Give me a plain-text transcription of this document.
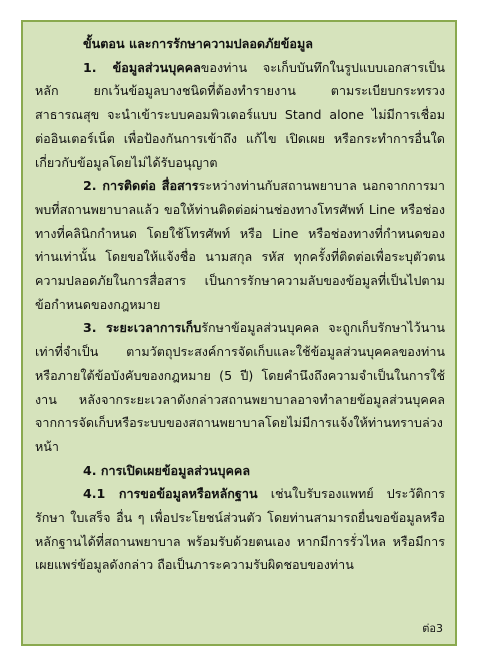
ขั้นตอน และการรักษาความปลอดภัยข้อมูล

1. ข้อมูลส่วนบุคคลของท่าน จะเก็บบันทึกในรูปแบบเอกสารเป็นหลัก ยกเว้นข้อมูลบางชนิดที่ต้องทำรายงาน ตามระเบียบกระทรวงสาธารณสุข จะนำเข้าระบบคอมพิวเตอร์แบบ Stand alone ไม่มีการเชื่อมต่ออินเตอร์เน็ต เพื่อป้องกันการเข้าถึง แก้ไข เปิดเผย หรือกระทำการอื่นใดเกี่ยวกับข้อมูลโดยไม่ได้รับอนุญาต

2. การติดต่อ สื่อสารระหว่างท่านกับสถานพยาบาล นอกจากการมาพบที่สถานพยาบาลแล้ว ขอให้ท่านติดต่อผ่านช่องทางโทรศัพท์ Line หรือช่องทางที่คลินิกกำหนด โดยใช้โทรศัพท์ หรือ Line หรือช่องทางที่กำหนดของท่านเท่านั้น โดยขอให้แจ้งชื่อ นามสกุล รหัส ทุกครั้งที่ติดต่อเพื่อระบุตัวตน ความปลอดภัยในการสื่อสาร เป็นการรักษาความลับของข้อมูลที่เป็นไปตามข้อกำหนดของกฎหมาย

3. ระยะเวลาการเก็บรักษาข้อมูลส่วนบุคคล จะถูกเก็บรักษาไว้นานเท่าที่จำเป็น ตามวัตถุประสงค์การจัดเก็บและใช้ข้อมูลส่วนบุคคลของท่าน หรือภายใต้ข้อบังคับของกฎหมาย (5 ปี) โดยคำนึงถึงความจำเป็นในการใช้งาน หลังจากระยะเวลาดังกล่าวสถานพยาบาลอาจทำลายข้อมูลส่วนบุคคลจากการจัดเก็บหรือระบบของสถานพยาบาลโดยไม่มีการแจ้งให้ท่านทราบล่วงหน้า

4. การเปิดเผยข้อมูลส่วนบุคคล

4.1 การขอข้อมูลหรือหลักฐาน เช่นใบรับรองแพทย์ ประวัติการรักษา ใบเสร็จ อื่น ๆ เพื่อประโยชน์ส่วนตัว โดยท่านสามารถยื่นขอข้อมูลหรือหลักฐานได้ที่สถานพยาบาล พร้อมรับด้วยตนเอง หากมีการรั่วไหล หรือมีการเผยแพร่ข้อมูลดังกล่าว ถือเป็นภาระความรับผิดชอบของท่าน

ต่อ3
